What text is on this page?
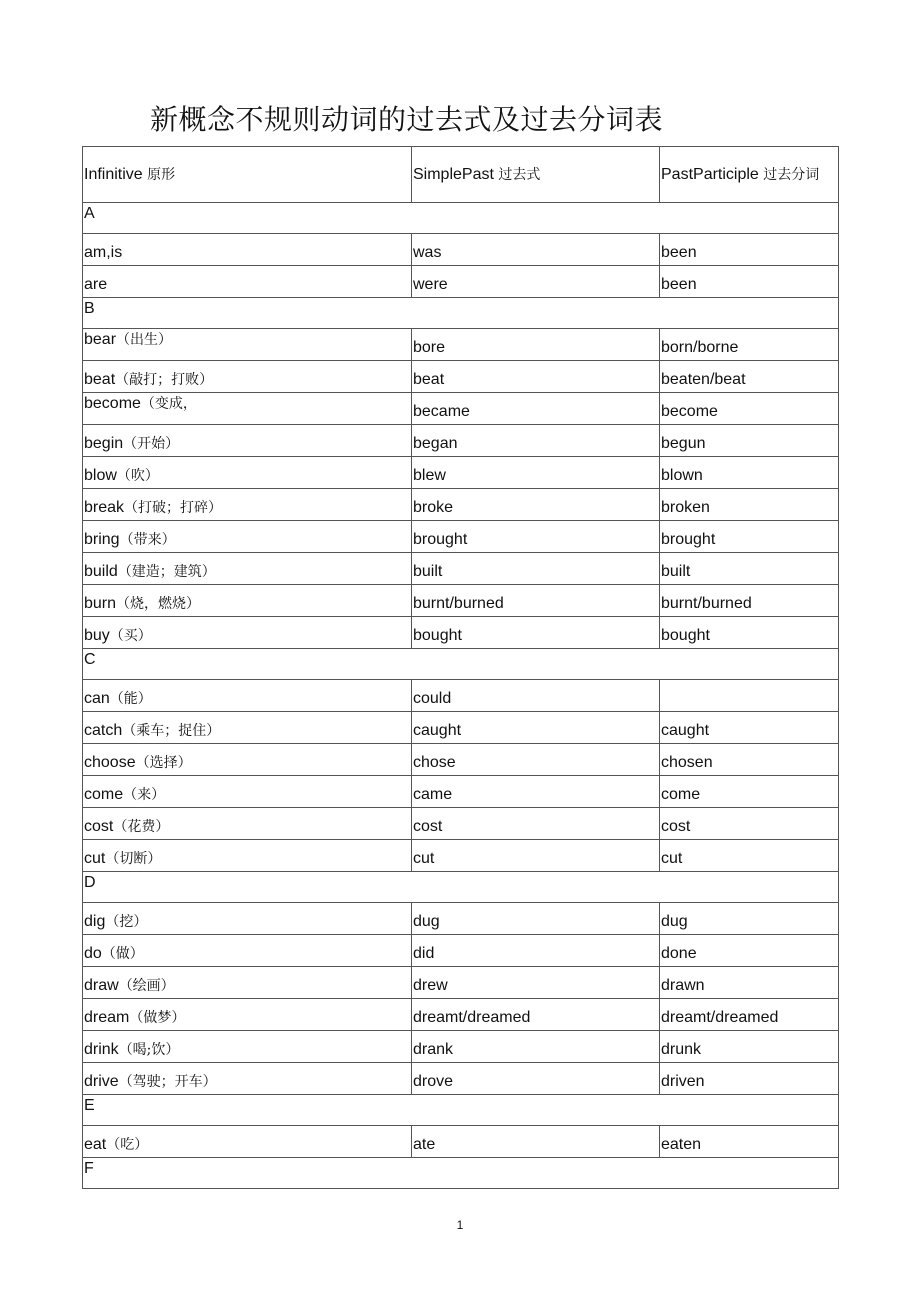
新概念不规则动词的过去式及过去分词表
Infinitive 原形	SimplePast 过去式	PastParticiple 过去分词
A		
am,is	was	been
are	were	been
B		
bear（出生）	bore	born/borne
beat（敲打；打败）	beat	beaten/beat
become（变成，	became	become
begin（开始）	began	begun
blow（吹）	blew	blown
break（打破；打碎）	broke	broken
bring（带来）	brought	brought
build（建造；建筑）	built	built
burn（烧，燃烧）	burnt/burned	burnt/burned
buy（买）	bought	bought
C		
can（能）	could	
catch（乘车；捉住）	caught	caught
choose（选择）	chose	chosen
come（来）	came	come
cost（花费）	cost	cost
cut（切断）	cut	cut
D		
dig（挖）	dug	dug
do（做）	did	done
draw（绘画）	drew	drawn
dream（做梦）	dreamt/dreamed	dreamt/dreamed
drink（喝;饮）	drank	drunk
drive（驾驶；开车）	drove	driven
E		
eat（吃）	ate	eaten
F		
1
